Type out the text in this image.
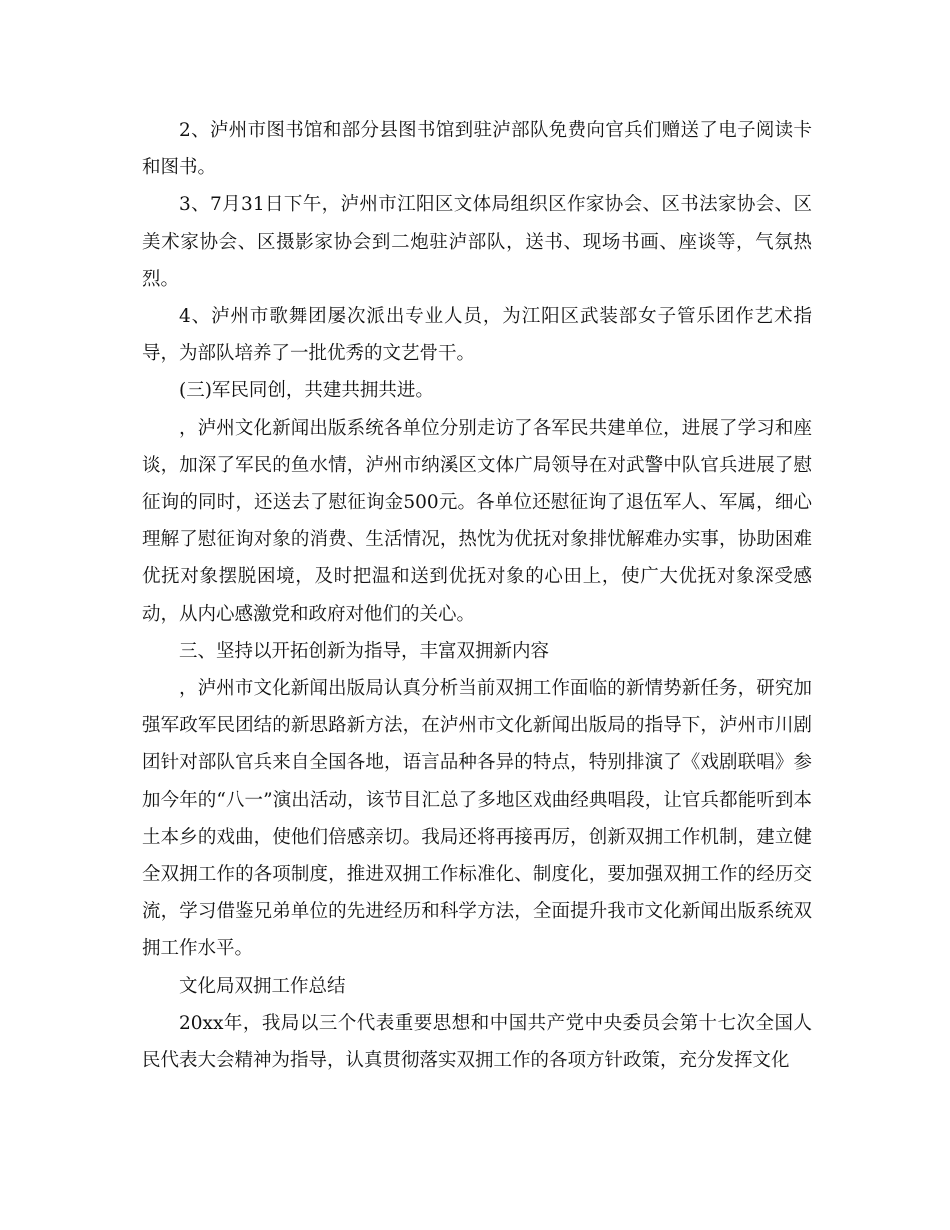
2、泸州市图书馆和部分县图书馆到驻泸部队免费向官兵们赠送了电子阅读卡和图书。

3、7月31日下午，泸州市江阳区文体局组织区作家协会、区书法家协会、区美术家协会、区摄影家协会到二炮驻泸部队，送书、现场书画、座谈等，气氛热烈。

4、泸州市歌舞团屡次派出专业人员，为江阳区武装部女子管乐团作艺术指导，为部队培养了一批优秀的文艺骨干。

(三)军民同创，共建共拥共进。

，泸州文化新闻出版系统各单位分别走访了各军民共建单位，进展了学习和座谈，加深了军民的鱼水情，泸州市纳溪区文体广局领导在对武警中队官兵进展了慰征询的同时，还送去了慰征询金500元。各单位还慰征询了退伍军人、军属，细心理解了慰征询对象的消费、生活情况，热忱为优抚对象排忧解难办实事，协助困难优抚对象摆脱困境，及时把温和送到优抚对象的心田上，使广大优抚对象深受感动，从内心感激党和政府对他们的关心。

三、坚持以开拓创新为指导，丰富双拥新内容

，泸州市文化新闻出版局认真分析当前双拥工作面临的新情势新任务，研究加强军政军民团结的新思路新方法，在泸州市文化新闻出版局的指导下，泸州市川剧团针对部队官兵来自全国各地，语言品种各异的特点，特别排演了《戏剧联唱》参加今年的“八一”演出活动，该节目汇总了多地区戏曲经典唱段，让官兵都能听到本土本乡的戏曲，使他们倍感亲切。我局还将再接再厉，创新双拥工作机制，建立健全双拥工作的各项制度，推进双拥工作标准化、制度化，要加强双拥工作的经历交流，学习借鉴兄弟单位的先进经历和科学方法，全面提升我市文化新闻出版系统双拥工作水平。

文化局双拥工作总结

20xx年，我局以三个代表重要思想和中国共产党中央委员会第十七次全国人民代表大会精神为指导，认真贯彻落实双拥工作的各项方针政策，充分发挥文化
